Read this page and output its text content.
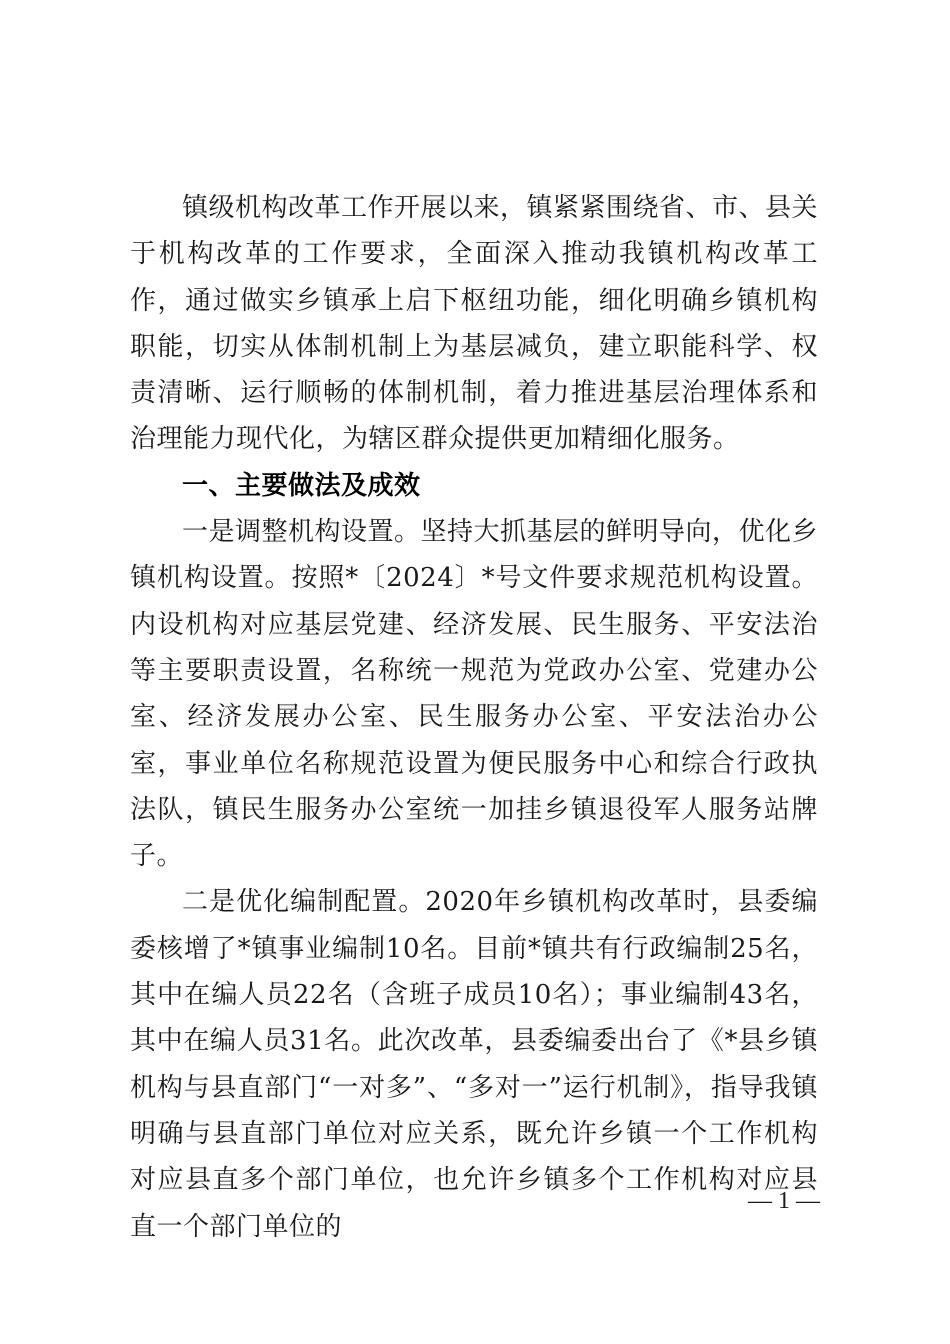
镇级机构改革工作开展以来，镇紧紧围绕省、市、县关于机构改革的工作要求，全面深入推动我镇机构改革工作，通过做实乡镇承上启下枢纽功能，细化明确乡镇机构职能，切实从体制机制上为基层减负，建立职能科学、权责清晰、运行顺畅的体制机制，着力推进基层治理体系和治理能力现代化，为辖区群众提供更加精细化服务。

一、主要做法及成效

一是调整机构设置。坚持大抓基层的鲜明导向，优化乡镇机构设置。按照*〔2024〕*号文件要求规范机构设置。内设机构对应基层党建、经济发展、民生服务、平安法治等主要职责设置，名称统一规范为党政办公室、党建办公室、经济发展办公室、民生服务办公室、平安法治办公室，事业单位名称规范设置为便民服务中心和综合行政执法队，镇民生服务办公室统一加挂乡镇退役军人服务站牌子。

二是优化编制配置。2020年乡镇机构改革时，县委编委核增了*镇事业编制10名。目前*镇共有行政编制25名，其中在编人员22名（含班子成员10名）；事业编制43名，其中在编人员31名。此次改革，县委编委出台了《*县乡镇机构与县直部门“一对多”、“多对一”运行机制》，指导我镇明确与县直部门单位对应关系，既允许乡镇一个工作机构对应县直多个部门单位，也允许乡镇多个工作机构对应县直一个部门单位的

— 1 —
